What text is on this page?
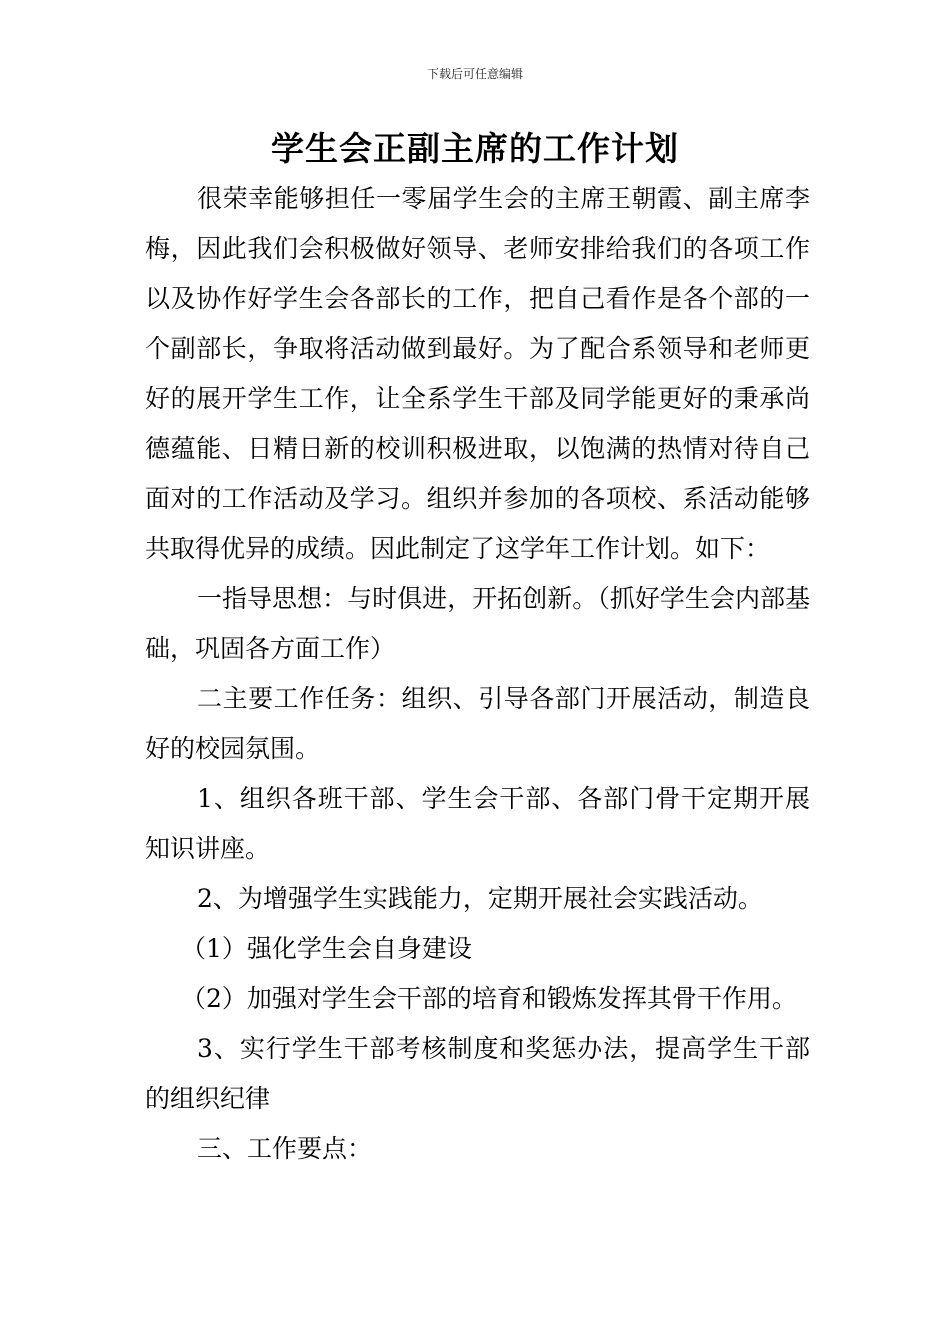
下载后可任意编辑
学生会正副主席的工作计划

很荣幸能够担任一零届学生会的主席王朝霞、副主席李梅，因此我们会积极做好领导、老师安排给我们的各项工作以及协作好学生会各部长的工作，把自己看作是各个部的一个副部长，争取将活动做到最好。为了配合系领导和老师更好的展开学生工作，让全系学生干部及同学能更好的秉承尚德蕴能、日精日新的校训积极进取，以饱满的热情对待自己面对的工作活动及学习。组织并参加的各项校、系活动能够共取得优异的成绩。因此制定了这学年工作计划。如下：

一指导思想：与时俱进，开拓创新。（抓好学生会内部基础，巩固各方面工作）

二主要工作任务：组织、引导各部门开展活动，制造良好的校园氛围。

1、组织各班干部、学生会干部、各部门骨干定期开展知识讲座。

2、为增强学生实践能力，定期开展社会实践活动。

（1）强化学生会自身建设

（2）加强对学生会干部的培育和锻炼发挥其骨干作用。

3、实行学生干部考核制度和奖惩办法，提高学生干部的组织纪律

三、工作要点：
